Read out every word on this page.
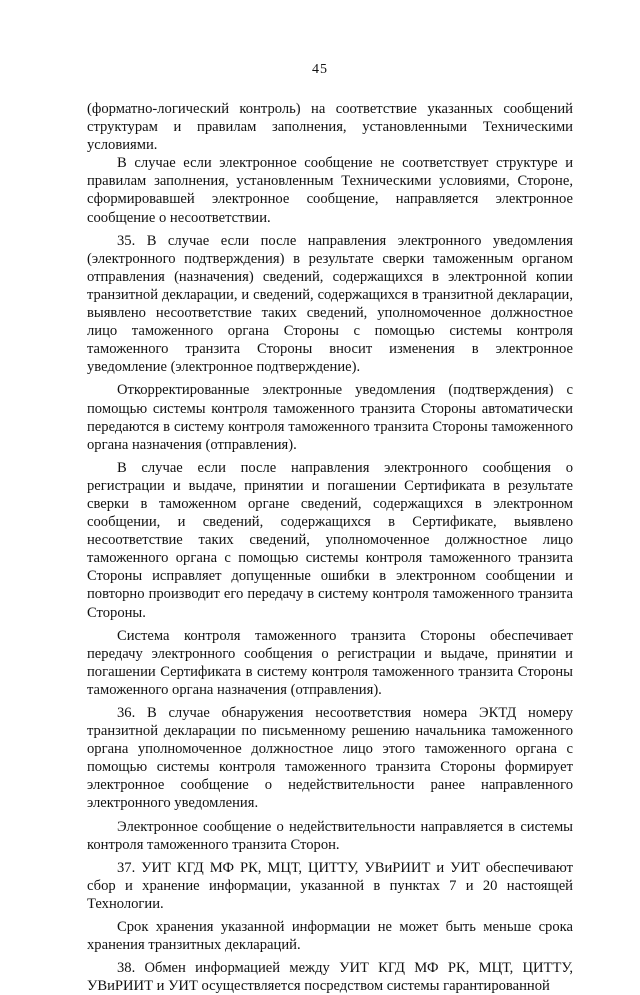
45

(форматно-логический контроль) на соответствие указанных сообщений структурам и правилам заполнения, установленными Техническими условиями.

В случае если электронное сообщение не соответствует структуре и правилам заполнения, установленным Техническими условиями, Стороне, сформировавшей электронное сообщение, направляется электронное сообщение о несоответствии.

35. В случае если после направления электронного уведомления (электронного подтверждения) в результате сверки таможенным органом отправления (назначения) сведений, содержащихся в электронной копии транзитной декларации, и сведений, содержащихся в транзитной декларации, выявлено несоответствие таких сведений, уполномоченное должностное лицо таможенного органа Стороны с помощью системы контроля таможенного транзита Стороны вносит изменения в электронное уведомление (электронное подтверждение).

Откорректированные электронные уведомления (подтверждения) с помощью системы контроля таможенного транзита Стороны автоматически передаются в систему контроля таможенного транзита Стороны таможенного органа назначения (отправления).

В случае если после направления электронного сообщения о регистрации и выдаче, принятии и погашении Сертификата в результате сверки в таможенном органе сведений, содержащихся в электронном сообщении, и сведений, содержащихся в Сертификате, выявлено несоответствие таких сведений, уполномоченное должностное лицо таможенного органа с помощью системы контроля таможенного транзита Стороны исправляет допущенные ошибки в электронном сообщении и повторно производит его передачу в систему контроля таможенного транзита Стороны.

Система контроля таможенного транзита Стороны обеспечивает передачу электронного сообщения о регистрации и выдаче, принятии и погашении Сертификата в систему контроля таможенного транзита Стороны таможенного органа назначения (отправления).

36. В случае обнаружения несоответствия номера ЭКТД номеру транзитной декларации по письменному решению начальника таможенного органа уполномоченное должностное лицо этого таможенного органа с помощью системы контроля таможенного транзита Стороны формирует электронное сообщение о недействительности ранее направленного электронного уведомления.

Электронное сообщение о недействительности направляется в системы контроля таможенного транзита Сторон.

37. УИТ КГД МФ РК, МЦТ, ЦИТТУ, УВиРИИТ и УИТ обеспечивают сбор и хранение информации, указанной в пунктах 7 и 20 настоящей Технологии.

Срок хранения указанной информации не может быть меньше срока хранения транзитных деклараций.

38. Обмен информацией между УИТ КГД МФ РК, МЦТ, ЦИТТУ, УВиРИИТ и УИТ осуществляется посредством системы гарантированной
